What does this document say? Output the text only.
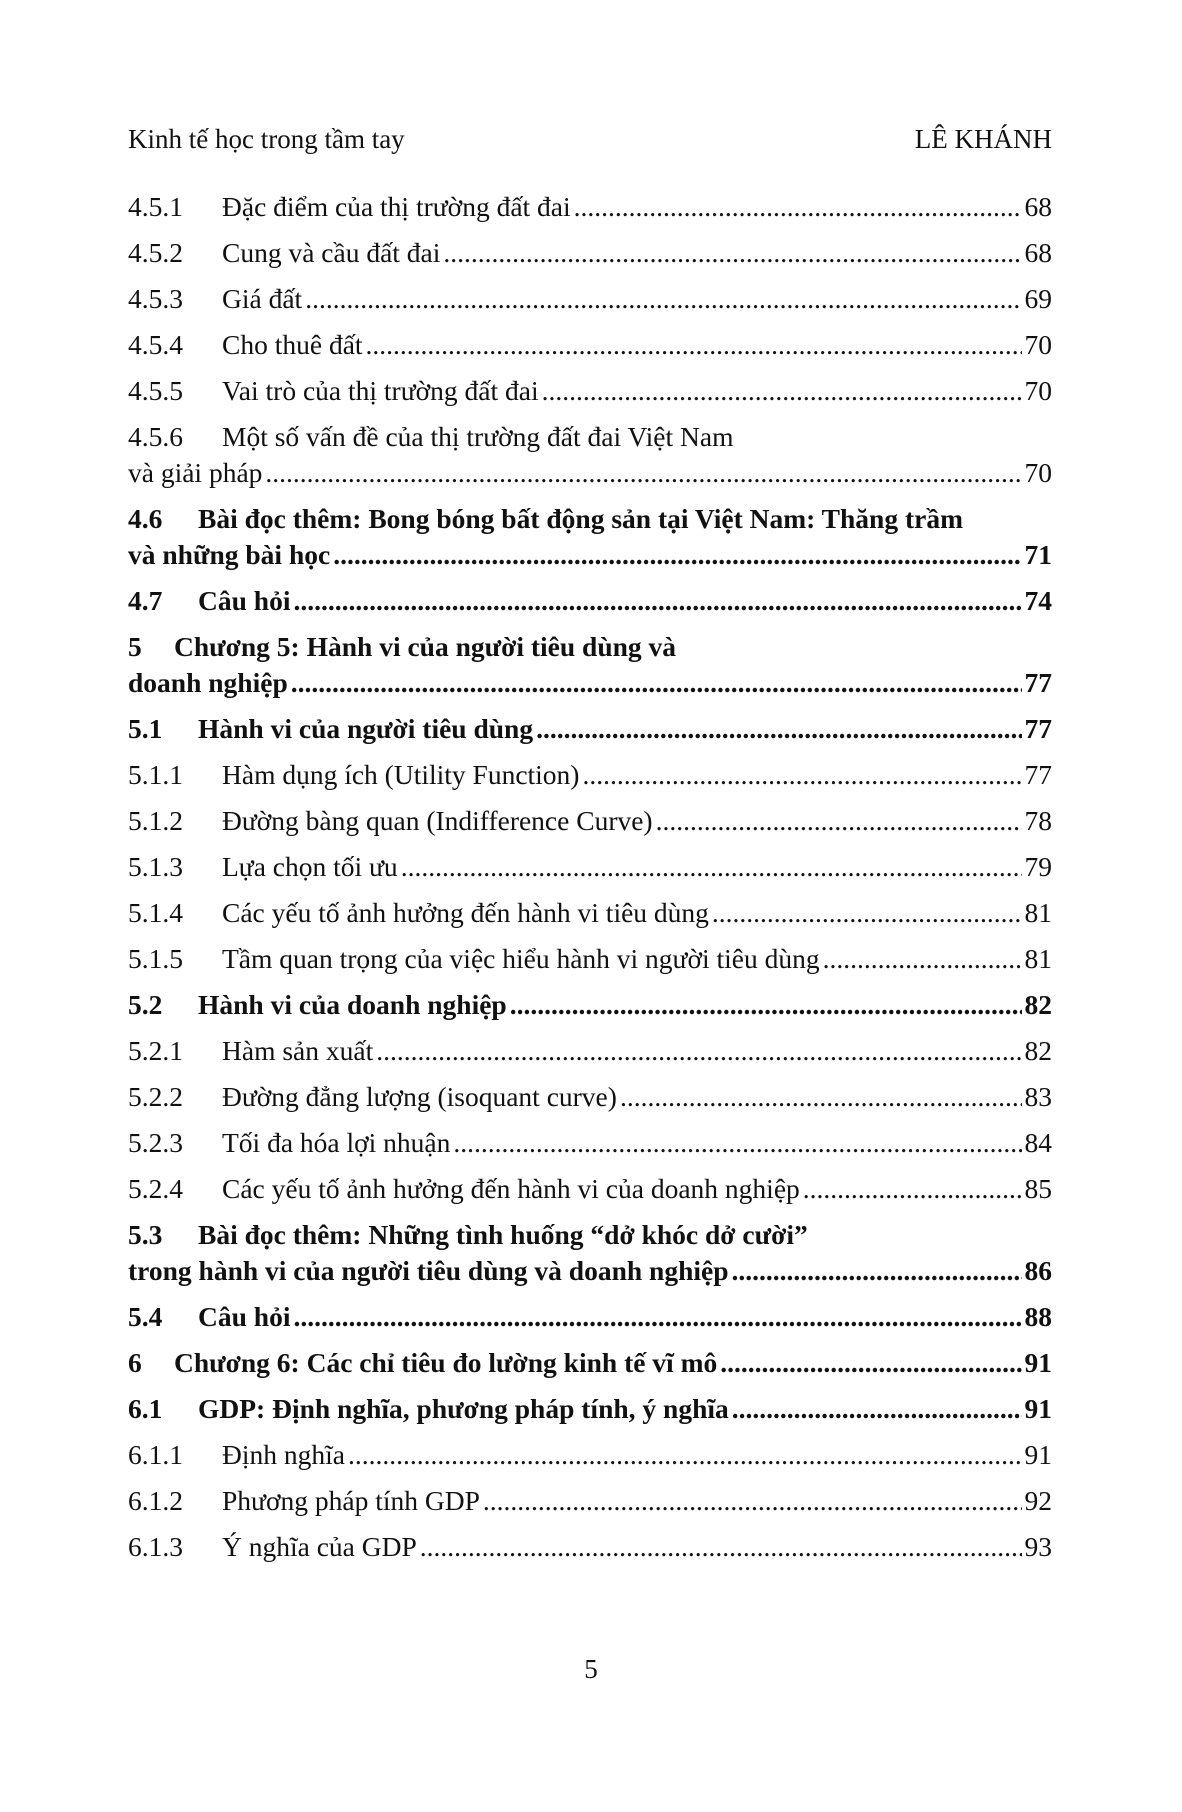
Kinh tế học trong tầm tay	LÊ KHÁNH
4.5.1	Đặc điểm của thị trường đất đai .....	68
4.5.2	Cung và cầu đất đai .....	68
4.5.3	Giá đất .....	69
4.5.4	Cho thuê đất .....	70
4.5.5	Vai trò của thị trường đất đai .....	70
4.5.6	Một số vấn đề của thị trường đất đai Việt Nam
và giải pháp .....	70
4.6	Bài đọc thêm: Bong bóng bất động sản tại Việt Nam: Thăng trầm
và những bài học .....	71
4.7	Câu hỏi .....	74
5	Chương 5: Hành vi của người tiêu dùng và
doanh nghiệp .....	77
5.1	Hành vi của người tiêu dùng .....	77
5.1.1	Hàm dụng ích (Utility Function) .....	77
5.1.2	Đường bàng quan (Indifference Curve) .....	78
5.1.3	Lựa chọn tối ưu .....	79
5.1.4	Các yếu tố ảnh hưởng đến hành vi tiêu dùng .....	81
5.1.5	Tầm quan trọng của việc hiểu hành vi người tiêu dùng .....	81
5.2	Hành vi của doanh nghiệp .....	82
5.2.1	Hàm sản xuất .....	82
5.2.2	Đường đẳng lượng (isoquant curve) .....	83
5.2.3	Tối đa hóa lợi nhuận .....	84
5.2.4	Các yếu tố ảnh hưởng đến hành vi của doanh nghiệp .....	85
5.3	Bài đọc thêm: Những tình huống “dở khóc dở cười”
trong hành vi của người tiêu dùng và doanh nghiệp .....	86
5.4	Câu hỏi .....	88
6	Chương 6: Các chỉ tiêu đo lường kinh tế vĩ mô .....	91
6.1	GDP: Định nghĩa, phương pháp tính, ý nghĩa .....	91
6.1.1	Định nghĩa .....	91
6.1.2	Phương pháp tính GDP .....	92
6.1.3	Ý nghĩa của GDP .....	93
5
